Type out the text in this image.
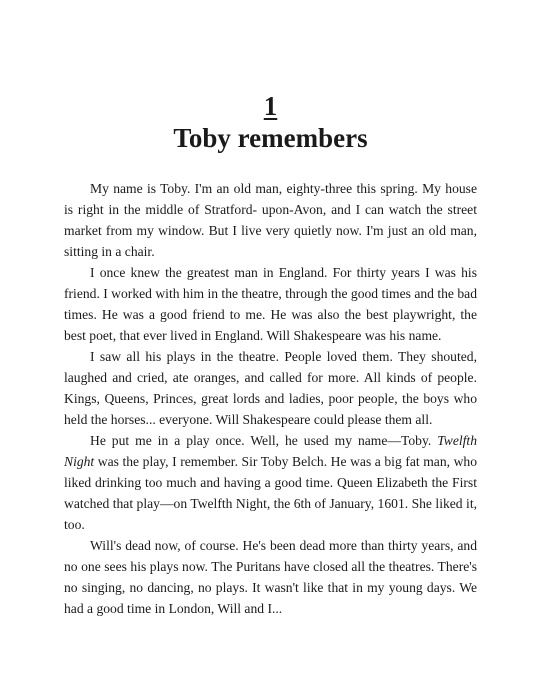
1
Toby remembers

My name is Toby. I'm an old man, eighty-three this spring. My house is right in the middle of Stratford- upon-Avon, and I can watch the street market from my window. But I live very quietly now. I'm just an old man, sitting in a chair.

I once knew the greatest man in England. For thirty years I was his friend. I worked with him in the theatre, through the good times and the bad times. He was a good friend to me. He was also the best playwright, the best poet, that ever lived in England. Will Shakespeare was his name.

I saw all his plays in the theatre. People loved them. They shouted, laughed and cried, ate oranges, and called for more. All kinds of people. Kings, Queens, Princes, great lords and ladies, poor people, the boys who held the horses... everyone. Will Shakespeare could please them all.

He put me in a play once. Well, he used my name—Toby. Twelfth Night was the play, I remember. Sir Toby Belch. He was a big fat man, who liked drinking too much and having a good time. Queen Elizabeth the First watched that play—on Twelfth Night, the 6th of January, 1601. She liked it, too.

Will's dead now, of course. He's been dead more than thirty years, and no one sees his plays now. The Puritans have closed all the theatres. There's no singing, no dancing, no plays. It wasn't like that in my young days. We had a good time in London, Will and I...
